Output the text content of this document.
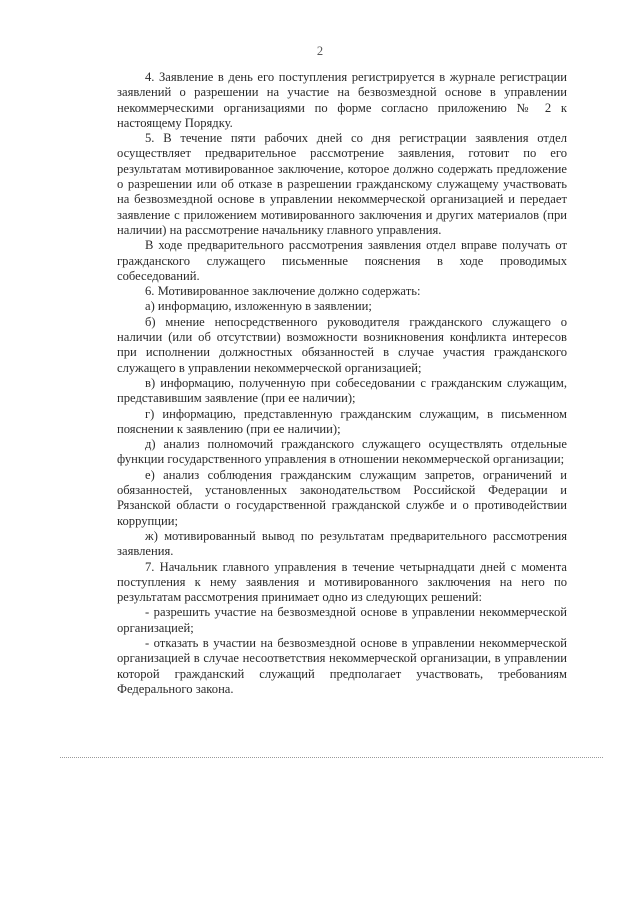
2

4. Заявление в день его поступления регистрируется в журнале регистрации заявлений о разрешении на участие на безвозмездной основе в управлении некоммерческими организациями по форме согласно приложению № 2 к настоящему Порядку.

5. В течение пяти рабочих дней со дня регистрации заявления отдел осуществляет предварительное рассмотрение заявления, готовит по его результатам мотивированное заключение, которое должно содержать предложение о разрешении или об отказе в разрешении гражданскому служащему участвовать на безвозмездной основе в управлении некоммерческой организацией и передает заявление с приложением мотивированного заключения и других материалов (при наличии) на рассмотрение начальнику главного управления.

В ходе предварительного рассмотрения заявления отдел вправе получать от гражданского служащего письменные пояснения в ходе проводимых собеседований.

6. Мотивированное заключение должно содержать:

а) информацию, изложенную в заявлении;

б) мнение непосредственного руководителя гражданского служащего о наличии (или об отсутствии) возможности возникновения конфликта интересов при исполнении должностных обязанностей в случае участия гражданского служащего в управлении некоммерческой организацией;

в) информацию, полученную при собеседовании с гражданским служащим, представившим заявление (при ее наличии);

г) информацию, представленную гражданским служащим, в письменном пояснении к заявлению (при ее наличии);

д) анализ полномочий гражданского служащего осуществлять отдельные функции государственного управления в отношении некоммерческой организации;

е) анализ соблюдения гражданским служащим запретов, ограничений и обязанностей, установленных законодательством Российской Федерации и Рязанской области о государственной гражданской службе и о противодействии коррупции;

ж) мотивированный вывод по результатам предварительного рассмотрения заявления.

7. Начальник главного управления в течение четырнадцати дней с момента поступления к нему заявления и мотивированного заключения на него по результатам рассмотрения принимает одно из следующих решений:

- разрешить участие на безвозмездной основе в управлении некоммерческой организацией;

- отказать в участии на безвозмездной основе в управлении некоммерческой организацией в случае несоответствия некоммерческой организации, в управлении которой гражданский служащий предполагает участвовать, требованиям Федерального закона.
